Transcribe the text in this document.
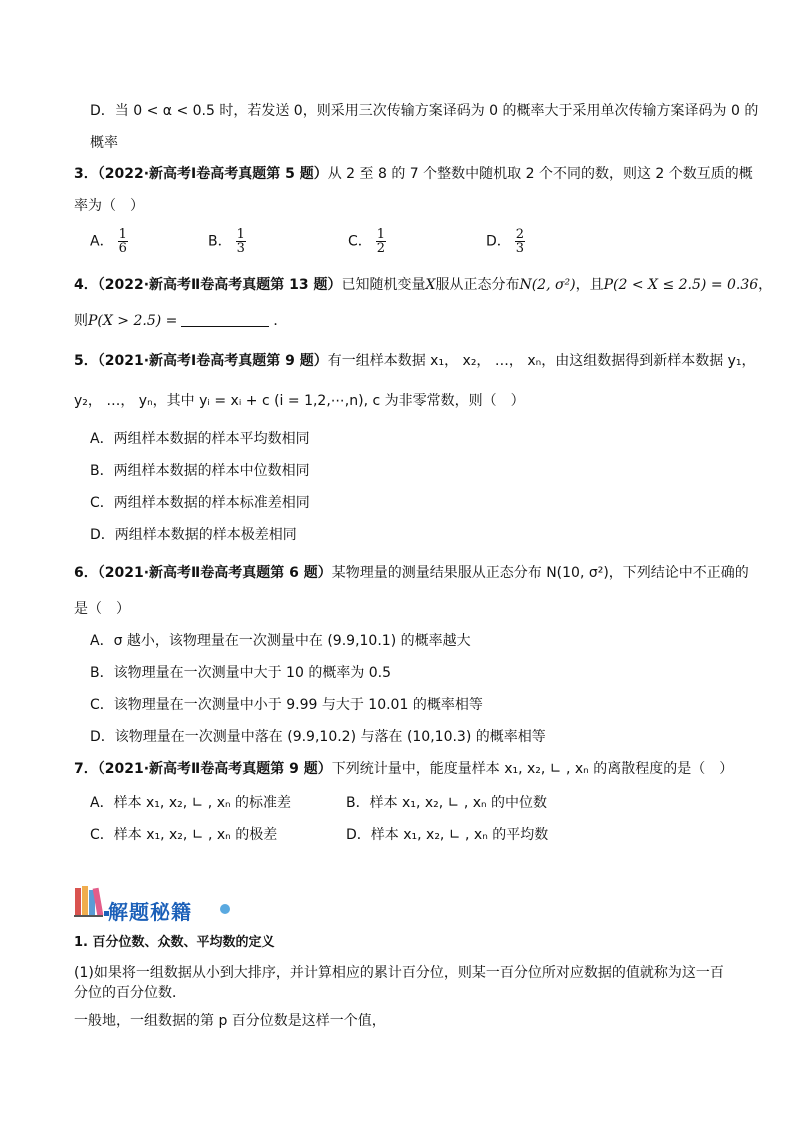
D．当 0 < α < 0.5 时，若发送 0，则采用三次传输方案译码为 0 的概率大于采用单次传输方案译码为 0 的
概率
3．（2022·新高考Ⅰ卷高考真题第 5 题）从 2 至 8 的 7 个整数中随机取 2 个不同的数，则这 2 个数互质的概
率为（　）
A． $\frac{1}{6}$	B． $\frac{1}{3}$	C． $\frac{1}{2}$	D． $\frac{2}{3}$
4．（2022·新高考Ⅱ卷高考真题第 13 题）已知随机变量X服从正态分布N(2, σ²)，且P(2 < X ≤ 2.5) = 0.36，
则P(X > 2.5) =	．
5．（2021·新高考Ⅰ卷高考真题第 9 题）有一组样本数据 x₁， x₂， …， xₙ，由这组数据得到新样本数据 y₁，
y₂， …， yₙ，其中 yᵢ = xᵢ + c (i = 1,2,⋯,n), c 为非零常数，则（　）
A．两组样本数据的样本平均数相同
B．两组样本数据的样本中位数相同
C．两组样本数据的样本标准差相同
D．两组样本数据的样本极差相同
6．（2021·新高考Ⅱ卷高考真题第 6 题）某物理量的测量结果服从正态分布 N(10, σ²)，下列结论中不正确的
是（　）
A．σ 越小，该物理量在一次测量中在 (9.9,10.1) 的概率越大
B．该物理量在一次测量中大于 10 的概率为 0.5
C．该物理量在一次测量中小于 9.99 与大于 10.01 的概率相等
D．该物理量在一次测量中落在 (9.9,10.2) 与落在 (10,10.3) 的概率相等
7．（2021·新高考Ⅱ卷高考真题第 9 题）下列统计量中，能度量样本 x₁, x₂, ∟ , xₙ 的离散程度的是（　）
A．样本 x₁, x₂, ∟ , xₙ 的标准差	B．样本 x₁, x₂, ∟ , xₙ 的中位数
C．样本 x₁, x₂, ∟ , xₙ 的极差	D．样本 x₁, x₂, ∟ , xₙ 的平均数
解题秘籍
1. 百分位数、众数、平均数的定义
(1)如果将一组数据从小到大排序，并计算相应的累计百分位，则某一百分位所对应数据的值就称为这一百
分位的百分位数．
一般地，一组数据的第 p 百分位数是这样一个值，
